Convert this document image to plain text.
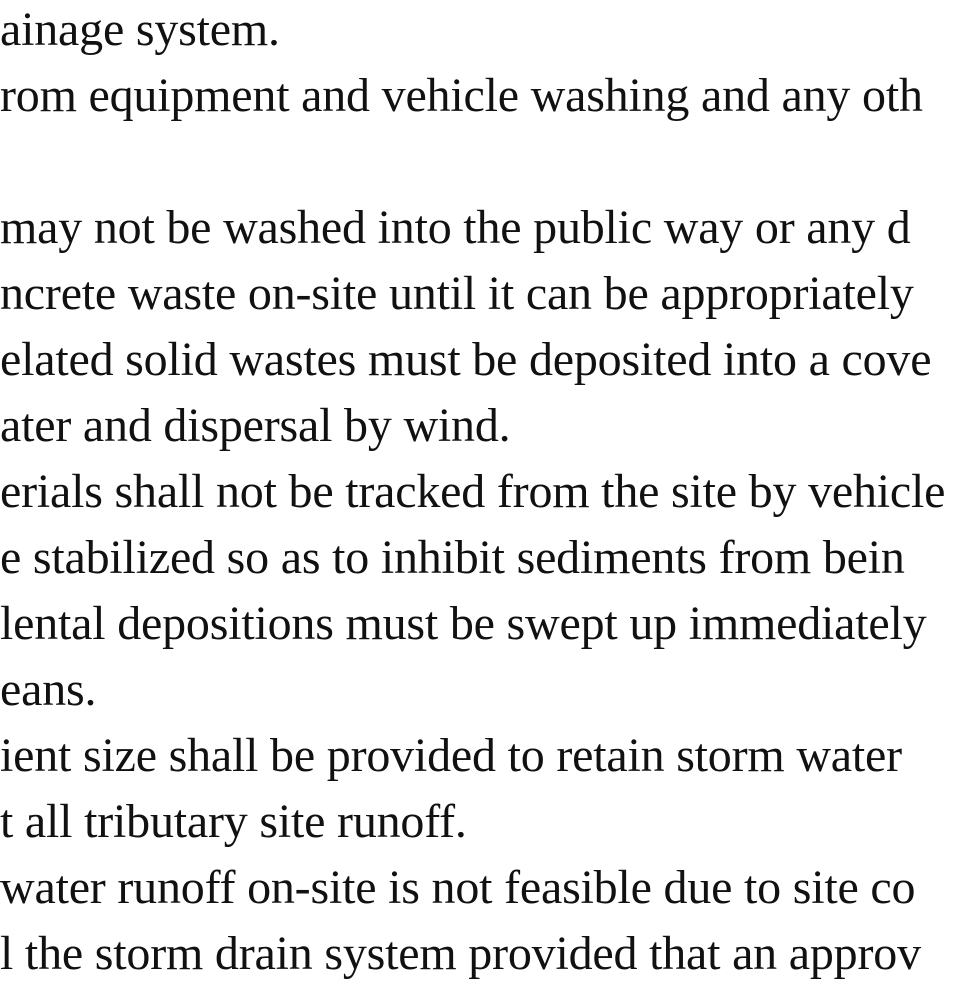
ainage system.
rom equipment and vehicle washing and any oth
may not be washed into the public way or any d
ncrete waste on-site until it can be appropriately
elated solid wastes must be deposited into a cove
ater and dispersal by wind.
erials shall not be tracked from the site by vehicle
e stabilized so as to inhibit sediments from bein
lental depositions must be swept up immediately
eans.
ient size shall be provided to retain storm water
t all tributary site runoff.
water runoff on-site is not feasible due to site co
l the storm drain system provided that an approv
